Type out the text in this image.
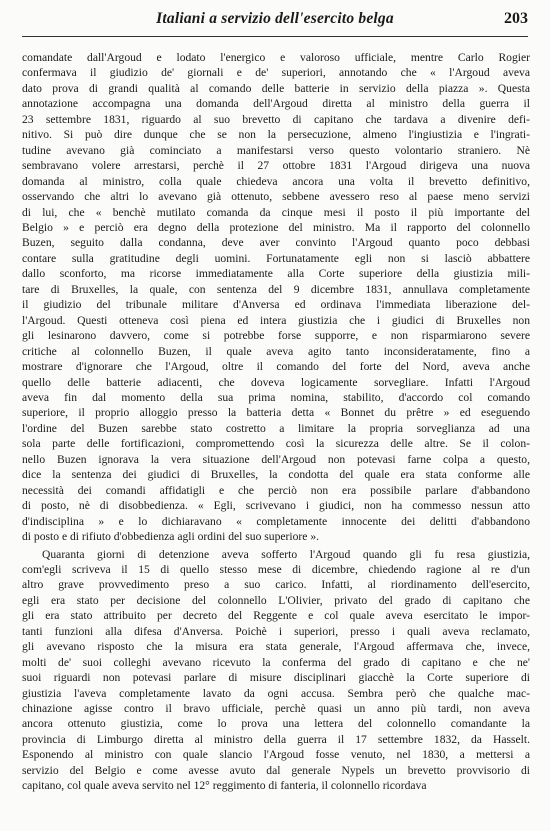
Italiani a servizio dell'esercito belga	203

comandate dall'Argoud e lodato l'energico e valoroso ufficiale, mentre Carlo Rogier
confermava il giudizio de' giornali e de' superiori, annotando che « l'Argoud aveva
dato prova di grandi qualità al comando delle batterie in servizio della piazza ». Questa
annotazione accompagna una domanda dell'Argoud diretta al ministro della guerra il
23 settembre 1831, riguardo al suo brevetto di capitano che tardava a divenire defi-
nitivo. Si può dire dunque che se non la persecuzione, almeno l'ingiustizia e l'ingrati-
tudine avevano già cominciato a manifestarsi verso questo volontario straniero. Nè
sembravano volere arrestarsi, perchè il 27 ottobre 1831 l'Argoud dirigeva una nuova
domanda al ministro, colla quale chiedeva ancora una volta il brevetto definitivo,
osservando che altri lo avevano già ottenuto, sebbene avessero reso al paese meno servizi
di lui, che « benchè mutilato comanda da cinque mesi il posto il più importante del
Belgio » e perciò era degno della protezione del ministro. Ma il rapporto del colonnello
Buzen, seguito dalla condanna, deve aver convinto l'Argoud quanto poco debbasi
contare sulla gratitudine degli uomini. Fortunatamente egli non si lasciò abbattere
dallo sconforto, ma ricorse immediatamente alla Corte superiore della giustizia mili-
tare di Bruxelles, la quale, con sentenza del 9 dicembre 1831, annullava completamente
il giudizio del tribunale militare d'Anversa ed ordinava l'immediata liberazione del-
l'Argoud. Questi otteneva così piena ed intera giustizia che i giudici di Bruxelles non
gli lesinarono davvero, come si potrebbe forse supporre, e non risparmiarono severe
critiche al colonnello Buzen, il quale aveva agito tanto inconsideratamente, fino a
mostrare d'ignorare che l'Argoud, oltre il comando del forte del Nord, aveva anche
quello delle batterie adiacenti, che doveva logicamente sorvegliare. Infatti l'Argoud
aveva fin dal momento della sua prima nomina, stabilito, d'accordo col comando
superiore, il proprio alloggio presso la batteria detta « Bonnet du prêtre » ed eseguendo
l'ordine del Buzen sarebbe stato costretto a limitare la propria sorveglianza ad una
sola parte delle fortificazioni, compromettendo così la sicurezza delle altre. Se il colon-
nello Buzen ignorava la vera situazione dell'Argoud non potevasi farne colpa a questo,
dice la sentenza dei giudici di Bruxelles, la condotta del quale era stata conforme alle
necessità dei comandi affidatigli e che perciò non era possibile parlare d'abbandono
di posto, nè di disobbedienza. « Egli, scrivevano i giudici, non ha commesso nessun atto
d'indisciplina » e lo dichiaravano « completamente innocente dei delitti d'abbandono
di posto e di rifiuto d'obbedienza agli ordini del suo superiore ».

Quaranta giorni di detenzione aveva sofferto l'Argoud quando gli fu resa giustizia,
com'egli scriveva il 15 di quello stesso mese di dicembre, chiedendo ragione al re d'un
altro grave provvedimento preso a suo carico. Infatti, al riordinamento dell'esercito,
egli era stato per decisione del colonnello L'Olivier, privato del grado di capitano che
gli era stato attribuito per decreto del Reggente e col quale aveva esercitato le impor-
tanti funzioni alla difesa d'Anversa. Poichè i superiori, presso i quali aveva reclamato,
gli avevano risposto che la misura era stata generale, l'Argoud affermava che, invece,
molti de' suoi colleghi avevano ricevuto la conferma del grado di capitano e che ne'
suoi riguardi non potevasi parlare di misure disciplinari giacchè la Corte superiore di
giustizia l'aveva completamente lavato da ogni accusa. Sembra però che qualche mac-
chinazione agisse contro il bravo ufficiale, perchè quasi un anno più tardi, non aveva
ancora ottenuto giustizia, come lo prova una lettera del colonnello comandante la
provincia di Limburgo diretta al ministro della guerra il 17 settembre 1832, da Hasselt.
Esponendo al ministro con quale slancio l'Argoud fosse venuto, nel 1830, a mettersi a
servizio del Belgio e come avesse avuto dal generale Nypels un brevetto provvisorio di
capitano, col quale aveva servito nel 12° reggimento di fanteria, il colonnello ricordava
